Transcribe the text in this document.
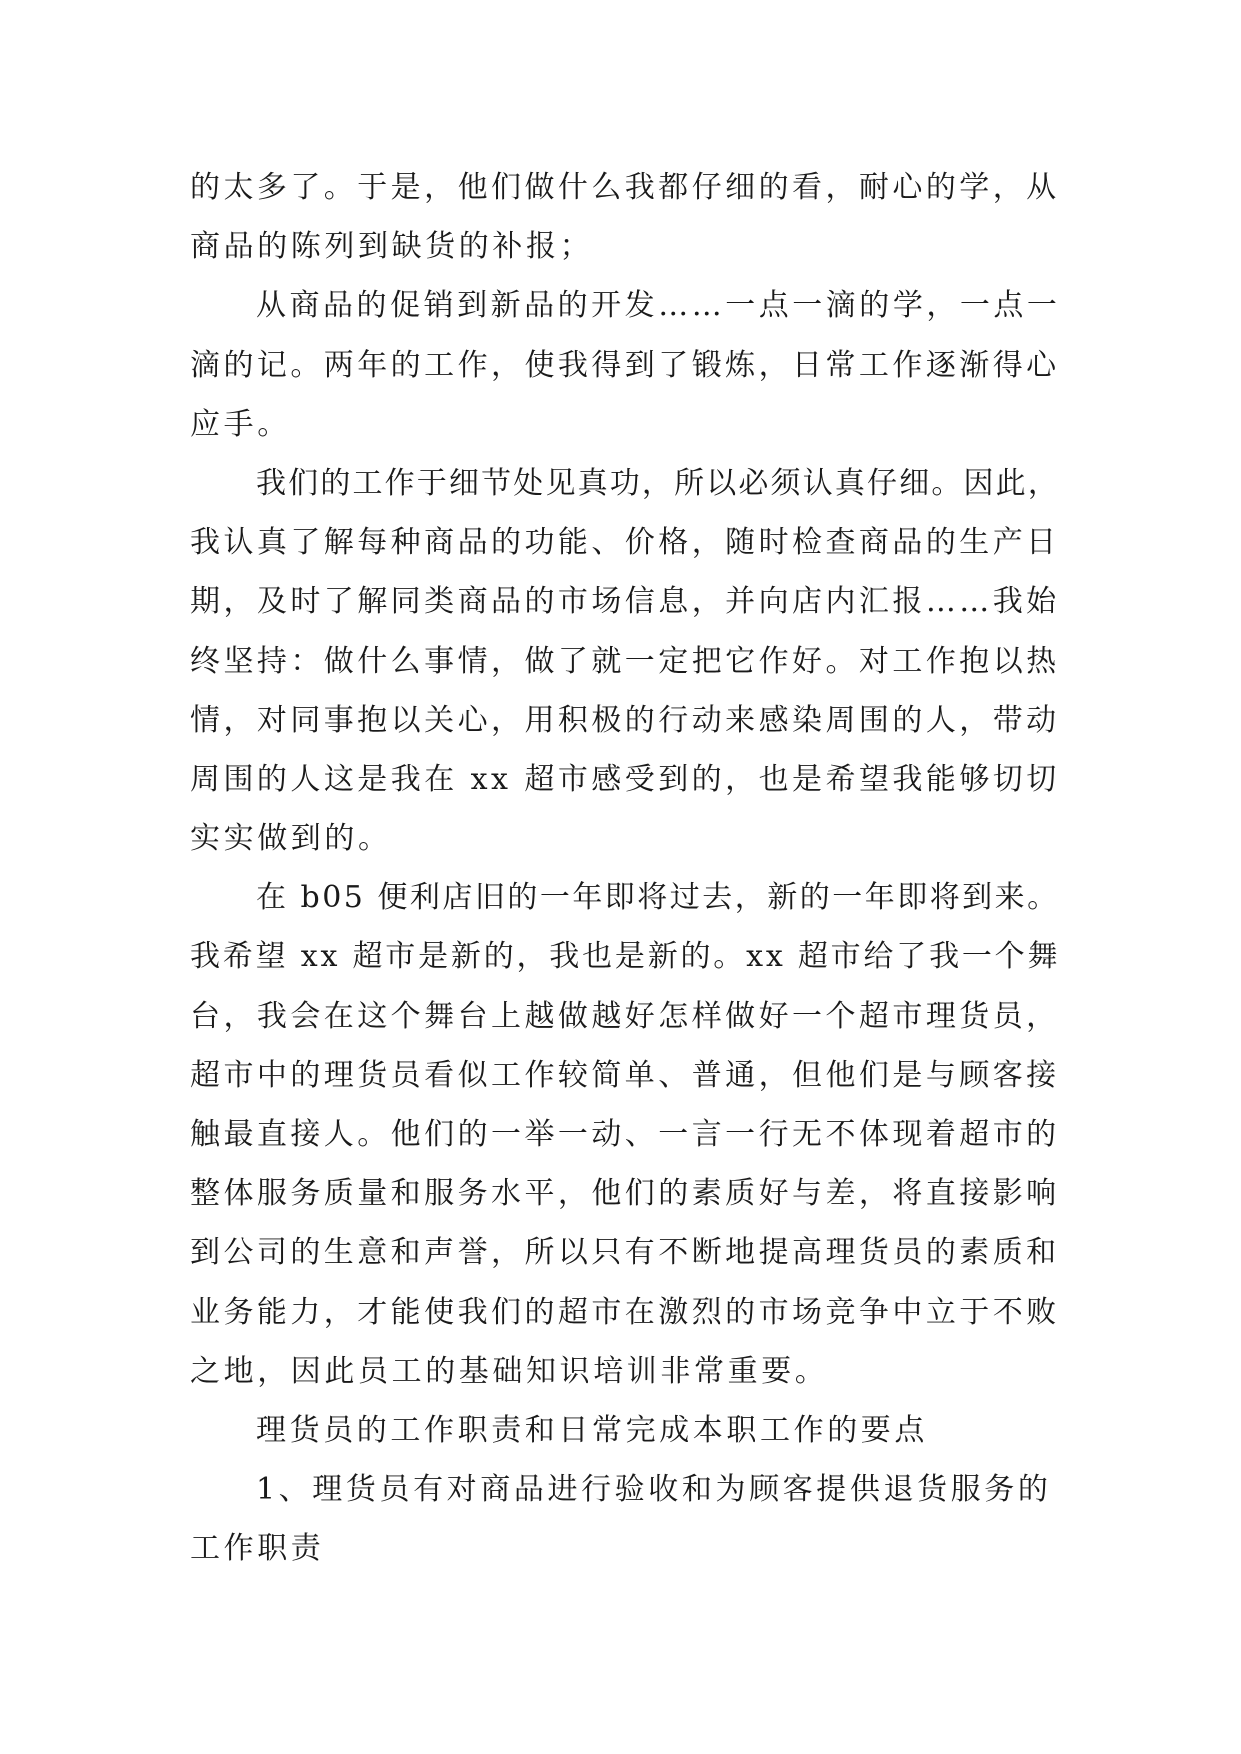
的太多了。于是，他们做什么我都仔细的看，耐心的学，从
商品的陈列到缺货的补报；
从商品的促销到新品的开发……一点一滴的学，一点一
滴的记。两年的工作，使我得到了锻炼，日常工作逐渐得心
应手。
我们的工作于细节处见真功，所以必须认真仔细。因此，
我认真了解每种商品的功能、价格，随时检查商品的生产日
期，及时了解同类商品的市场信息，并向店内汇报……我始
终坚持：做什么事情，做了就一定把它作好。对工作抱以热
情，对同事抱以关心，用积极的行动来感染周围的人，带动
周围的人这是我在 xx 超市感受到的，也是希望我能够切切
实实做到的。
在 b05 便利店旧的一年即将过去，新的一年即将到来。
我希望 xx 超市是新的，我也是新的。xx 超市给了我一个舞
台，我会在这个舞台上越做越好怎样做好一个超市理货员，
超市中的理货员看似工作较简单、普通，但他们是与顾客接
触最直接人。他们的一举一动、一言一行无不体现着超市的
整体服务质量和服务水平，他们的素质好与差，将直接影响
到公司的生意和声誉，所以只有不断地提高理货员的素质和
业务能力，才能使我们的超市在激烈的市场竞争中立于不败
之地，因此员工的基础知识培训非常重要。
理货员的工作职责和日常完成本职工作的要点
1、理货员有对商品进行验收和为顾客提供退货服务的
工作职责
